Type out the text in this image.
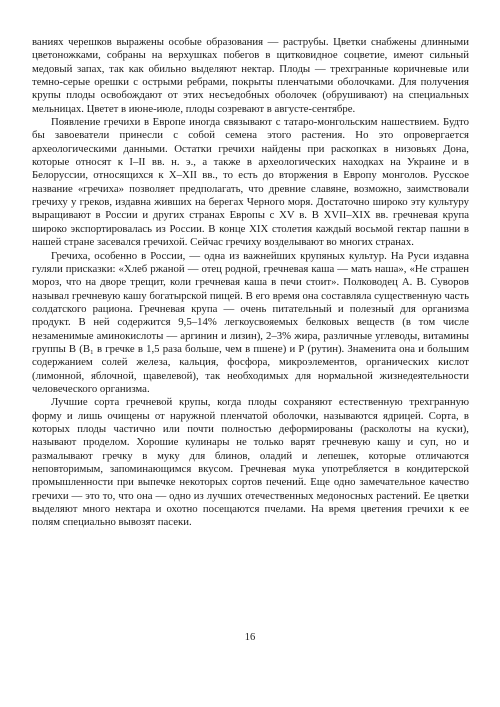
ваниях черешков выражены особые образования — раструбы. Цветки снабжены длинными цветоножками, собраны на верхушках побегов в щитковидное соцветие, имеют сильный медовый запах, так как обильно выделяют нектар. Плоды — трехгранные коричневые или темно-серые орешки с острыми ребрами, покрыты пленчатыми оболочками. Для получения крупы плоды освобождают от этих несъедобных оболочек (обрушивают) на специальных мельницах. Цветет в июне-июле, плоды созревают в августе-сентябре.

Появление гречихи в Европе иногда связывают с татаро-монгольским нашествием. Будто бы завоеватели принесли с собой семена этого растения. Но это опровергается археологическими данными. Остатки гречихи найдены при раскопках в низовьях Дона, которые относят к I–II вв. н. э., а также в археологических находках на Украине и в Белоруссии, относящихся к X–XII вв., то есть до вторжения в Европу монголов. Русское название «гречиха» позволяет предполагать, что древние славяне, возможно, заимствовали гречиху у греков, издавна живших на берегах Черного моря. Достаточно широко эту культуру выращивают в России и других странах Европы с XV в. В XVII–XIX вв. гречневая крупа широко экспортировалась из России. В конце XIX столетия каждый восьмой гектар пашни в нашей стране засевался гречихой. Сейчас гречиху возделывают во многих странах.

Гречиха, особенно в России, — одна из важнейших крупяных культур. На Руси издавна гуляли присказки: «Хлеб ржаной — отец родной, гречневая каша — мать наша», «Не страшен мороз, что на дворе трещит, коли гречневая каша в печи стоит». Полководец А. В. Суворов называл гречневую кашу богатырской пищей. В его время она составляла существенную часть солдатского рациона. Гречневая крупа — очень питательный и полезный для организма продукт. В ней содержится 9,5–14% легкоусвояемых белковых веществ (в том числе незаменимые аминокислоты — аргинин и лизин), 2–3% жира, различные углеводы, витамины группы В (В₁ в гречке в 1,5 раза больше, чем в пшене) и Р (рутин). Знаменита она и большим содержанием солей железа, кальция, фосфора, микроэлементов, органических кислот (лимонной, яблочной, щавелевой), так необходимых для нормальной жизнедеятельности человеческого организма.

Лучшие сорта гречневой крупы, когда плоды сохраняют естественную трехгранную форму и лишь очищены от наружной пленчатой оболочки, называются ядрицей. Сорта, в которых плоды частично или почти полностью деформированы (расколоты на куски), называют проделом. Хорошие кулинары не только варят гречневую кашу и суп, но и размалывают гречку в муку для блинов, оладий и лепешек, которые отличаются неповторимым, запоминающимся вкусом. Гречневая мука употребляется в кондитерской промышленности при выпечке некоторых сортов печений. Еще одно замечательное качество гречихи — это то, что она — одно из лучших отечественных медоносных растений. Ее цветки выделяют много нектара и охотно посещаются пчелами. На время цветения гречихи к ее полям специально вывозят пасеки.

16
